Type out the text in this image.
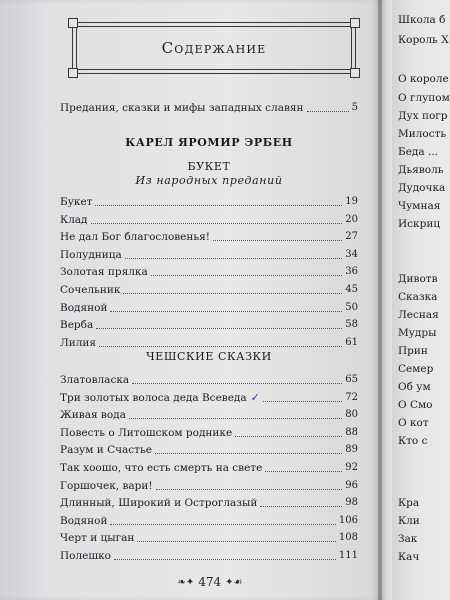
Содержание
Предания, сказки и мифы западных славян	5
КАРЕЛ ЯРОМИР ЭРБЕН
БУКЕТ
Из народных преданий
Букет	19
Клад	20
Не дал Бог благословенья!	27
Полудница	34
Золотая прялка	36
Сочельник	45
Водяной	50
Верба	58
Лилия	61
ЧЕШСКИЕ СКАЗКИ
Златовласка	65
Три золотых волоса деда Всеведа ✓	72
Живая вода	80
Повесть о Литошском роднике	88
Разум и Счастье	89
Так хоошо, что есть смерть на свете	92
Горшочек, вари!	96
Длинный, Широкий и Остроглазый	98
Водяной	106
Черт и цыган	108
Полешко	111
❧✦ 474 ✦☙
Школа б
Король Х
О короле
О глупом
Дух погр
Милость
Беда ...
Дьяволь
Дудочка
Чумная
Искриц
Дивотв
Сказка
Лесная
Мудры
Прин
Семер
Об ум
О Смо
О кот
Кто с
Кра
Кли
Зак
Кач
